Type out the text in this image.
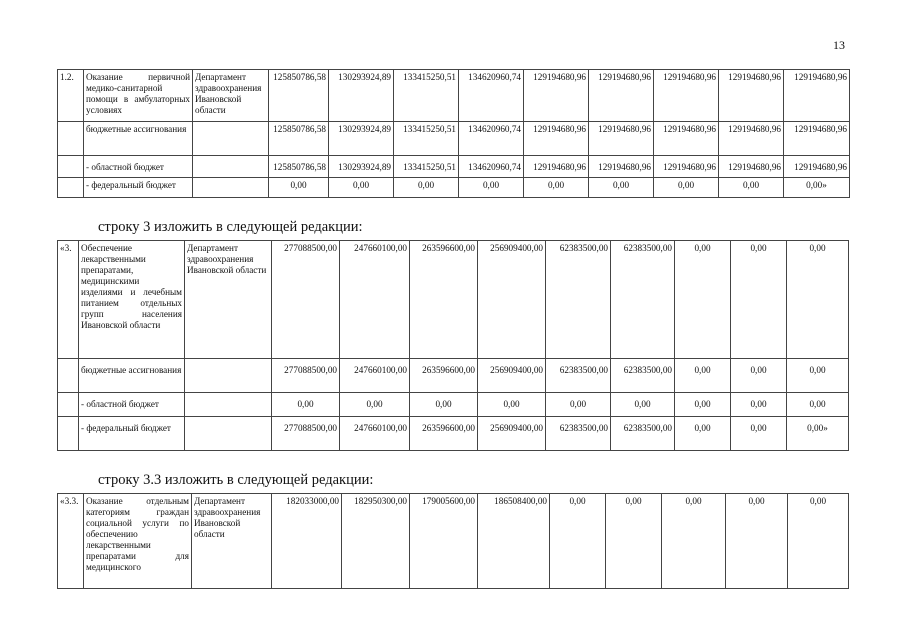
13
1.2.	Оказание первичной медико-санитарной помощи в амбулаторных условиях	Департамент здравоохранения Ивановской области	125850786,58	130293924,89	133415250,51	134620960,74	129194680,96	129194680,96	129194680,96	129194680,96	129194680,96
	бюджетные ассигнования		125850786,58	130293924,89	133415250,51	134620960,74	129194680,96	129194680,96	129194680,96	129194680,96	129194680,96
	- областной бюджет		125850786,58	130293924,89	133415250,51	134620960,74	129194680,96	129194680,96	129194680,96	129194680,96	129194680,96
	- федеральный бюджет		0,00	0,00	0,00	0,00	0,00	0,00	0,00	0,00	0,00»
строку 3 изложить в следующей редакции:
«3.	Обеспечение лекарственными препаратами, медицинскими изделиями и лечебным питанием отдельных групп населения Ивановской области	Департамент здравоохранения Ивановской области	277088500,00	247660100,00	263596600,00	256909400,00	62383500,00	62383500,00	0,00	0,00	0,00
	бюджетные ассигнования		277088500,00	247660100,00	263596600,00	256909400,00	62383500,00	62383500,00	0,00	0,00	0,00
	- областной бюджет		0,00	0,00	0,00	0,00	0,00	0,00	0,00	0,00	0,00
	- федеральный бюджет		277088500,00	247660100,00	263596600,00	256909400,00	62383500,00	62383500,00	0,00	0,00	0,00»
строку 3.3 изложить в следующей редакции:
«3.3.	Оказание отдельным категориям граждан социальной услуги по обеспечению лекарственными препаратами для медицинского	Департамент здравоохранения Ивановской области	182033000,00	182950300,00	179005600,00	186508400,00	0,00	0,00	0,00	0,00	0,00
